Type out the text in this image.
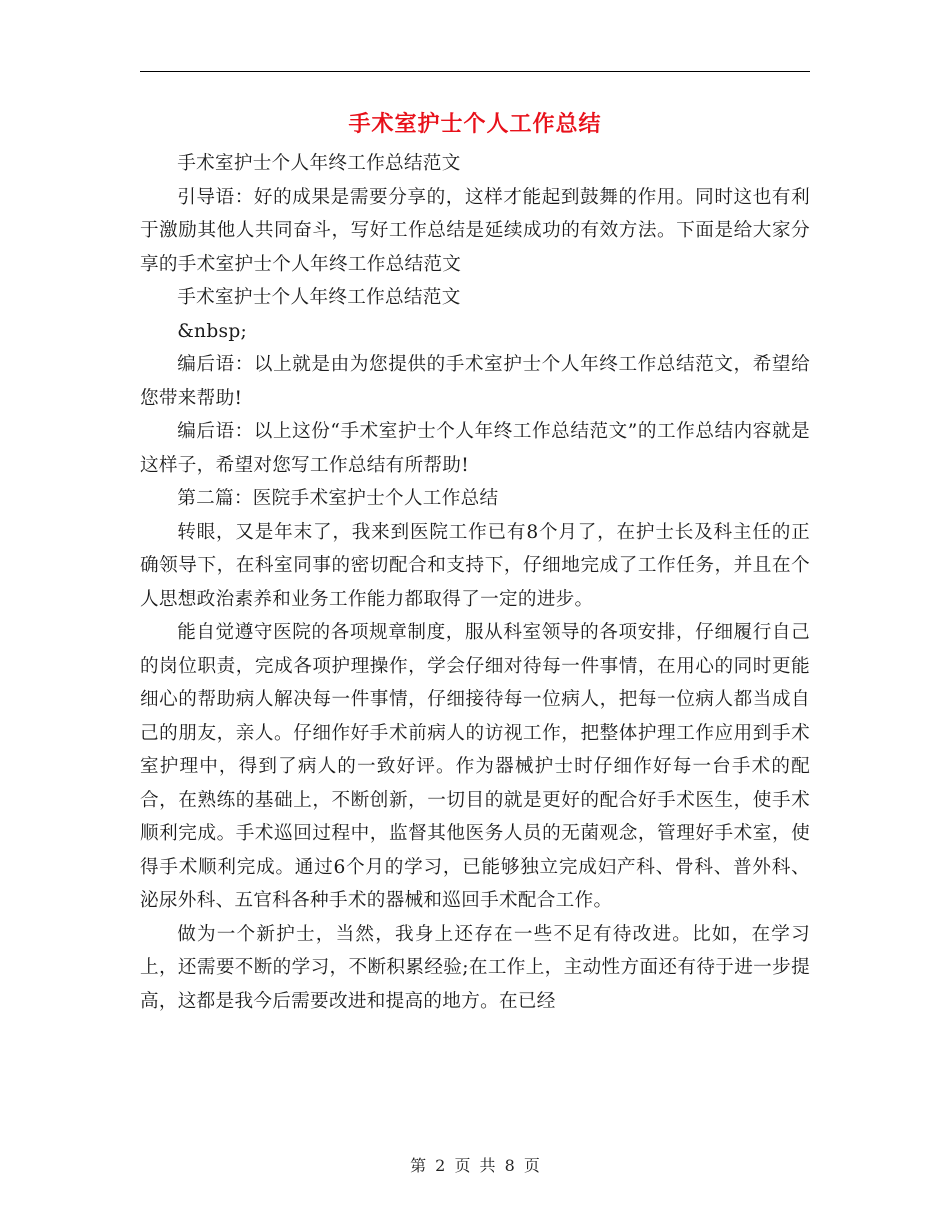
手术室护士个人工作总结

手术室护士个人年终工作总结范文

引导语：好的成果是需要分享的，这样才能起到鼓舞的作用。同时这也有利于激励其他人共同奋斗，写好工作总结是延续成功的有效方法。下面是给大家分享的手术室护士个人年终工作总结范文

手术室护士个人年终工作总结范文

&nbsp;

编后语：以上就是由为您提供的手术室护士个人年终工作总结范文，希望给您带来帮助!

编后语：以上这份“手术室护士个人年终工作总结范文”的工作总结内容就是这样子，希望对您写工作总结有所帮助!

第二篇：医院手术室护士个人工作总结

转眼，又是年末了，我来到医院工作已有8个月了，在护士长及科主任的正确领导下，在科室同事的密切配合和支持下，仔细地完成了工作任务，并且在个人思想政治素养和业务工作能力都取得了一定的进步。

能自觉遵守医院的各项规章制度，服从科室领导的各项安排，仔细履行自己的岗位职责，完成各项护理操作，学会仔细对待每一件事情，在用心的同时更能细心的帮助病人解决每一件事情，仔细接待每一位病人，把每一位病人都当成自己的朋友，亲人。仔细作好手术前病人的访视工作，把整体护理工作应用到手术室护理中，得到了病人的一致好评。作为器械护士时仔细作好每一台手术的配合，在熟练的基础上，不断创新，一切目的就是更好的配合好手术医生，使手术顺利完成。手术巡回过程中，监督其他医务人员的无菌观念，管理好手术室，使得手术顺利完成。通过6个月的学习，已能够独立完成妇产科、骨科、普外科、泌尿外科、五官科各种手术的器械和巡回手术配合工作。

做为一个新护士，当然，我身上还存在一些不足有待改进。比如，在学习上，还需要不断的学习，不断积累经验;在工作上，主动性方面还有待于进一步提高，这都是我今后需要改进和提高的地方。在已经

第 2 页 共 8 页
